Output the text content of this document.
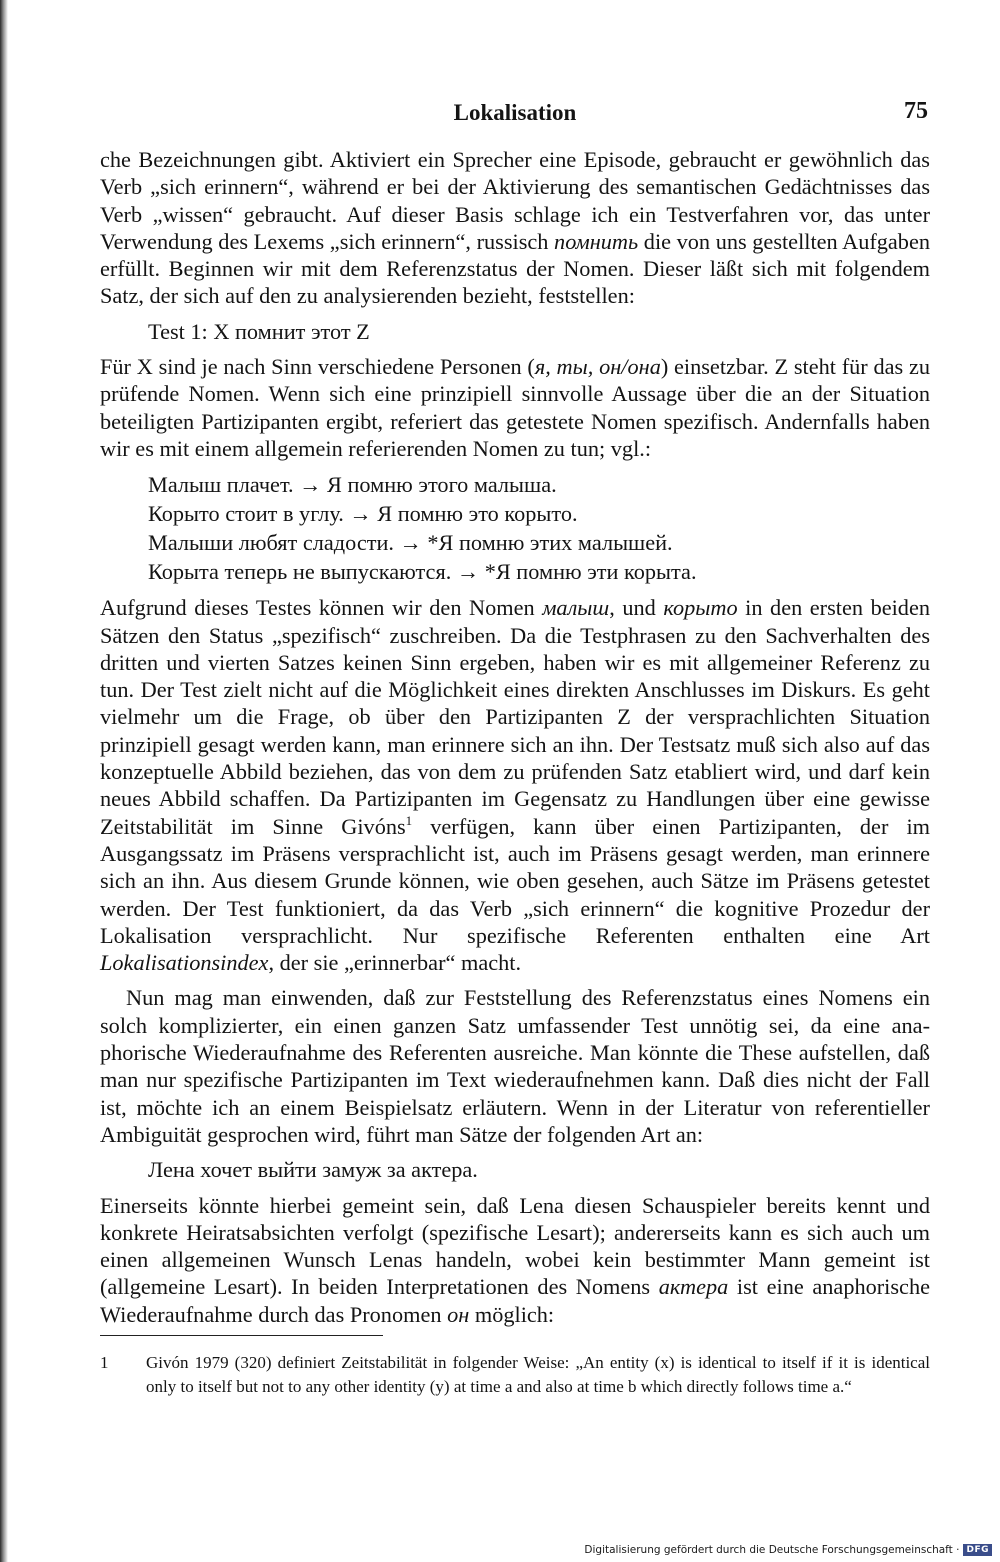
Lokalisation	75

che Bezeichnungen gibt. Aktiviert ein Sprecher eine Episode, gebraucht er gewöhnlich das Verb „sich erinnern“, während er bei der Aktivierung des semantischen Gedächtnisses das Verb „wissen“ gebraucht. Auf dieser Basis schlage ich ein Testverfahren vor, das unter Verwendung des Lexems „sich erinnern“, russisch помнить die von uns gestellten Aufgaben erfüllt. Beginnen wir mit dem Referenzstatus der Nomen. Dieser läßt sich mit folgendem Satz, der sich auf den zu analysierenden bezieht, feststellen:

Test 1: X помнит этот Z

Für X sind je nach Sinn verschiedene Personen (я, ты, он/она) einsetzbar. Z steht für das zu prüfende Nomen. Wenn sich eine prinzipiell sinnvolle Aussage über die an der Situation beteiligten Partizipanten ergibt, referiert das getestete Nomen spezifisch. Andernfalls haben wir es mit einem allgemein referierenden Nomen zu tun; vgl.:

Малыш плачет. → Я помню этого малыша.
Корыто стоит в углу. → Я помню это корыто.
Малыши любят сладости. → *Я помню этих малышей.
Корыта теперь не выпускаются. → *Я помню эти корыта.

Aufgrund dieses Testes können wir den Nomen малыш, und корыто in den ersten beiden Sätzen den Status „spezifisch“ zuschreiben. Da die Testphrasen zu den Sachverhalten des dritten und vierten Satzes keinen Sinn ergeben, haben wir es mit allgemeiner Referenz zu tun. Der Test zielt nicht auf die Möglichkeit eines direkten Anschlusses im Diskurs. Es geht vielmehr um die Frage, ob über den Partizipanten Z der versprachlichten Situation prinzipiell gesagt werden kann, man erinnere sich an ihn. Der Testsatz muß sich also auf das konzeptuelle Abbild beziehen, das von dem zu prüfenden Satz etabliert wird, und darf kein neues Abbild schaffen. Da Partizipanten im Gegensatz zu Handlungen über eine gewisse Zeitstabilität im Sinne Givóns$^1$ verfügen, kann über einen Partizipanten, der im Ausgangssatz im Präsens versprachlicht ist, auch im Präsens gesagt werden, man erinnere sich an ihn. Aus diesem Grunde können, wie oben gesehen, auch Sätze im Präsens getestet werden. Der Test funktioniert, da das Verb „sich erinnern“ die kognitive Prozedur der Lokalisation versprachlicht. Nur spezifische Referenten enthalten eine Art Lokalisationsindex, der sie „erinnerbar“ macht.

Nun mag man einwenden, daß zur Feststellung des Referenzstatus eines Nomens ein solch komplizierter, ein einen ganzen Satz umfassender Test unnötig sei, da eine anaphorische Wiederaufnahme des Referenten ausreiche. Man könnte die These aufstellen, daß man nur spezifische Partizipanten im Text wiederaufnehmen kann. Daß dies nicht der Fall ist, möchte ich an einem Beispielsatz erläutern. Wenn in der Literatur von referentieller Ambiguität gesprochen wird, führt man Sätze der folgenden Art an:

Лена хочет выйти замуж за актера.

Einerseits könnte hierbei gemeint sein, daß Lena diesen Schauspieler bereits kennt und konkrete Heiratsabsichten verfolgt (spezifische Lesart); andererseits kann es sich auch um einen allgemeinen Wunsch Lenas handeln, wobei kein bestimmter Mann gemeint ist (allgemeine Lesart). In beiden Interpretationen des Nomens актера ist eine anaphorische Wiederaufnahme durch das Pronomen он möglich:

1 Givón 1979 (320) definiert Zeitstabilität in folgender Weise: „An entity (x) is identical to itself if it is identical only to itself but not to any other identity (y) at time a and also at time b which directly follows time a.“
Digitalisierung gefördert durch die Deutsche Forschungsgemeinschaft · DFG
